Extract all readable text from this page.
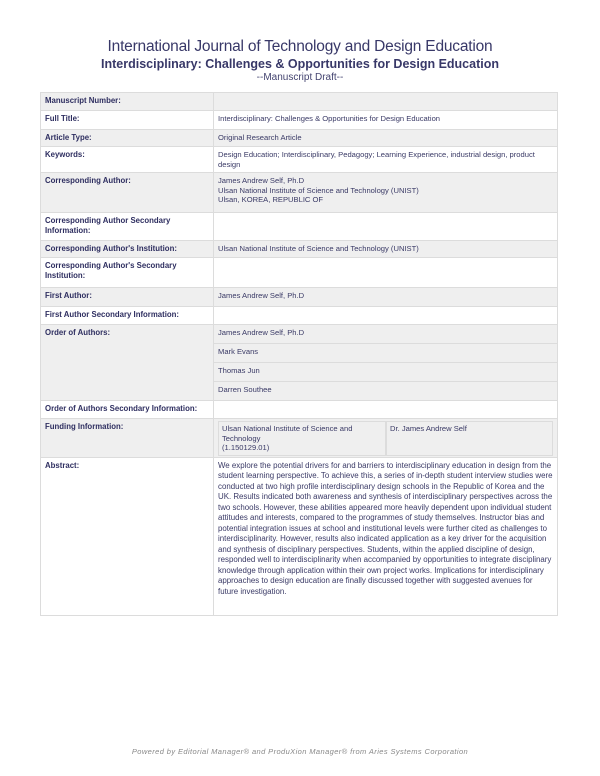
International Journal of Technology and Design Education
Interdisciplinary: Challenges & Opportunities for Design Education
--Manuscript Draft--
Manuscript Number:	
Full Title:	Interdisciplinary: Challenges & Opportunities for Design Education
Article Type:	Original Research Article
Keywords:	Design Education; Interdisciplinary, Pedagogy; Learning Experience, industrial design, product design
Corresponding Author:	James Andrew Self, Ph.D
Ulsan National Institute of Science and Technology (UNIST)
Ulsan, KOREA, REPUBLIC OF

Corresponding Author Secondary Information:	
Corresponding Author's Institution:	Ulsan National Institute of Science and Technology (UNIST)
Corresponding Author's Secondary Institution:	
First Author:	James Andrew Self, Ph.D
First Author Secondary Information:	
Order of Authors:	James Andrew Self, Ph.D
Mark Evans
Thomas Jun
Darren Southee

Order of Authors Secondary Information:	
Funding Information:	Ulsan National Institute of Science and Technology
(1.150129.01)
Dr. James Andrew Self

Abstract:	We explore the potential drivers for and barriers to interdisciplinary education in design from the student learning perspective. To achieve this, a series of in-depth student interview studies were conducted at two high profile interdisciplinary design schools in the Republic of Korea and the UK. Results indicated both awareness and synthesis of interdisciplinary perspectives across the two schools. However, these abilities appeared more heavily dependent upon individual student attitudes and interests, compared to the programmes of study themselves. Instructor bias and potential integration issues at school and institutional levels were further cited as challenges to interdisciplinarity. However, results also indicated application as a key driver for the acquisition and synthesis of disciplinary perspectives. Students, within the applied discipline of design, responded well to interdisciplinarity when accompanied by opportunities to integrate disciplinary knowledge through application within their own project works. Implications for interdisciplinary approaches to design education are finally discussed together with suggested avenues for future investigation.
Powered by Editorial Manager® and ProduXion Manager® from Aries Systems Corporation
